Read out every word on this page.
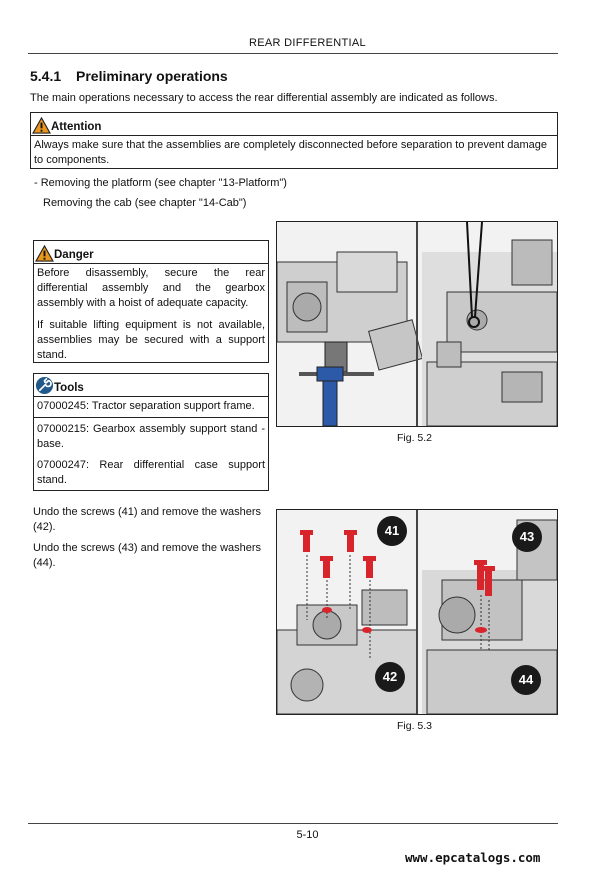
REAR DIFFERENTIAL
5.4.1 Preliminary operations
The main operations necessary to access the rear differential assembly are indicated as follows.
Attention
Always make sure that the assemblies are completely disconnected before separation to prevent damage to components.
- Removing the platform (see chapter "13-Platform")
Removing the cab (see chapter "14-Cab")
Danger
Before disassembly, secure the rear differential assembly and the gearbox assembly with a hoist of adequate capacity.
If suitable lifting equipment is not available, assemblies may be secured with a support stand.
Tools
07000245: Tractor separation support frame.
07000215: Gearbox assembly support stand - base.
07000247: Rear differential case support stand.
Undo the screws (41) and remove the washers (42).
Undo the screws (43) and remove the washers (44).
Fig. 5.2
41
42
43
44
Fig. 5.3
5-10
www.epcatalogs.com
